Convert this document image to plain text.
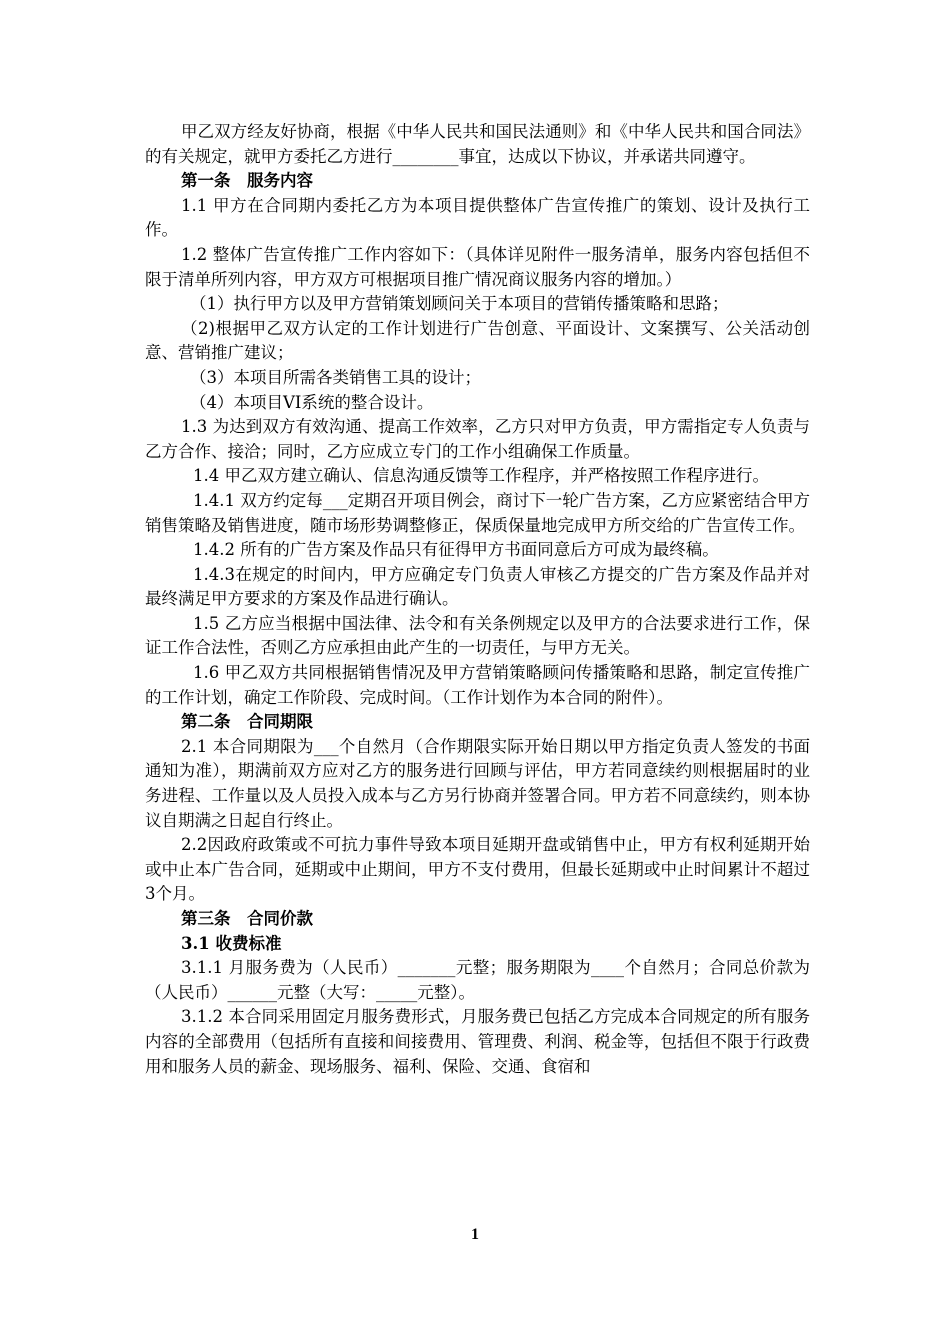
甲乙双方经友好协商，根据《中华人民共和国民法通则》和《中华人民共和国合同法》的有关规定，就甲方委托乙方进行________事宜，达成以下协议，并承诺共同遵守。

第一条　服务内容

1.1 甲方在合同期内委托乙方为本项目提供整体广告宣传推广的策划、设计及执行工作。

1.2 整体广告宣传推广工作内容如下：（具体详见附件一服务清单，服务内容包括但不限于清单所列内容，甲方双方可根据项目推广情况商议服务内容的增加。）

（1）执行甲方以及甲方营销策划顾问关于本项目的营销传播策略和思路；

（2)根据甲乙双方认定的工作计划进行广告创意、平面设计、文案撰写、公关活动创意、营销推广建议；

（3）本项目所需各类销售工具的设计；

（4）本项目VI系统的整合设计。

1.3 为达到双方有效沟通、提高工作效率，乙方只对甲方负责，甲方需指定专人负责与乙方合作、接洽；同时，乙方应成立专门的工作小组确保工作质量。

1.4 甲乙双方建立确认、信息沟通反馈等工作程序，并严格按照工作程序进行。

1.4.1 双方约定每___定期召开项目例会，商讨下一轮广告方案，乙方应紧密结合甲方销售策略及销售进度，随市场形势调整修正，保质保量地完成甲方所交给的广告宣传工作。

1.4.2 所有的广告方案及作品只有征得甲方书面同意后方可成为最终稿。

1.4.3在规定的时间内，甲方应确定专门负责人审核乙方提交的广告方案及作品并对最终满足甲方要求的方案及作品进行确认。

1.5 乙方应当根据中国法律、法令和有关条例规定以及甲方的合法要求进行工作，保证工作合法性，否则乙方应承担由此产生的一切责任，与甲方无关。

1.6 甲乙双方共同根据销售情况及甲方营销策略顾问传播策略和思路，制定宣传推广的工作计划，确定工作阶段、完成时间。（工作计划作为本合同的附件）。

第二条　合同期限

2.1 本合同期限为___个自然月（合作期限实际开始日期以甲方指定负责人签发的书面通知为准），期满前双方应对乙方的服务进行回顾与评估，甲方若同意续约则根据届时的业务进程、工作量以及人员投入成本与乙方另行协商并签署合同。甲方若不同意续约，则本协议自期满之日起自行终止。

2.2因政府政策或不可抗力事件导致本项目延期开盘或销售中止，甲方有权利延期开始或中止本广告合同，延期或中止期间，甲方不支付费用，但最长延期或中止时间累计不超过3个月。

第三条　合同价款

3.1 收费标准

3.1.1 月服务费为（人民币）_______元整；服务期限为____个自然月；合同总价款为（人民币）______元整（大写：_____元整）。

3.1.2 本合同采用固定月服务费形式，月服务费已包括乙方完成本合同规定的所有服务内容的全部费用（包括所有直接和间接费用、管理费、利润、税金等，包括但不限于行政费用和服务人员的薪金、现场服务、福利、保险、交通、食宿和

1
